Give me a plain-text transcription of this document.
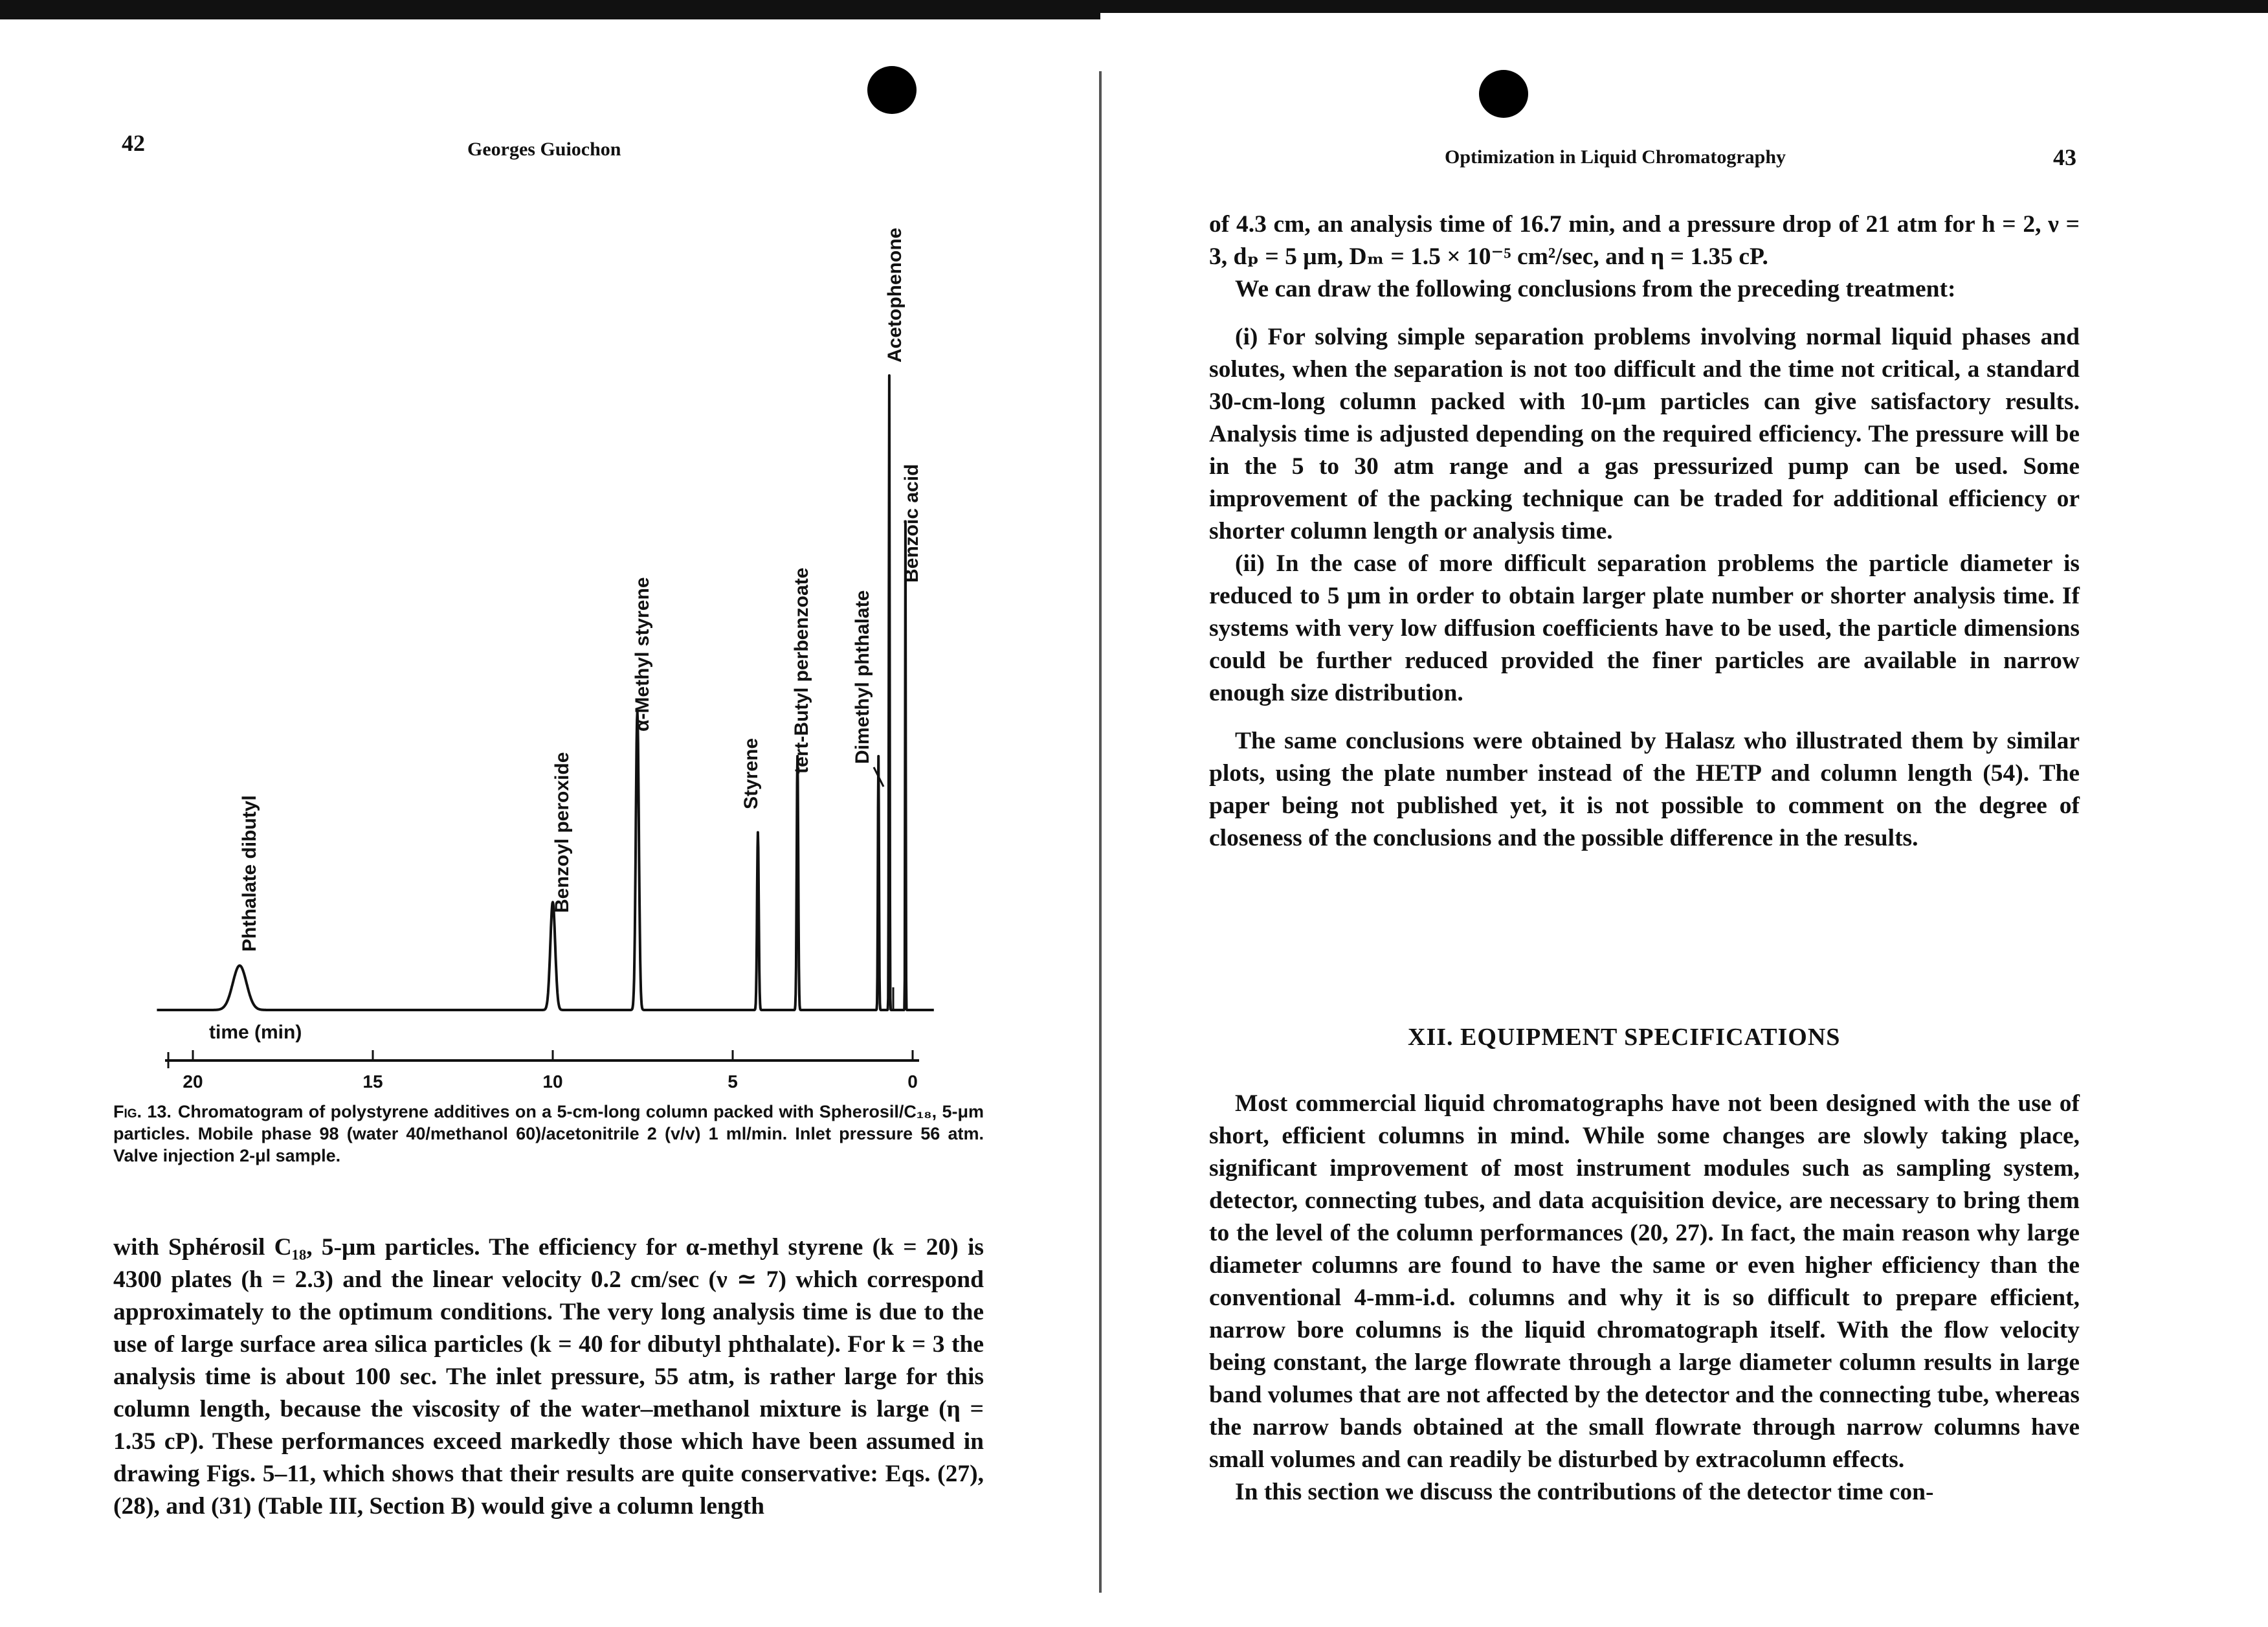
42	Georges Guiochon
20	15	10	5	0
time (min)
Phthalate dibutyl	Benzoyl peroxide
α-Methyl styrene
Styrene tert-Butyl perbenzoate Dimethyl phthalate
Acetophenone
Benzoic acid
Fig. 13. Chromatogram of polystyrene additives on a 5-cm-long column packed with Spherosil/C₁₈, 5-μm particles. Mobile phase 98 (water 40/methanol 60)/acetonitrile 2 (v/v) 1 ml/min. Inlet pressure 56 atm. Valve injection 2-μl sample.

with Sphérosil C₁₈, 5-μm particles. The efficiency for α-methyl styrene (k = 20) is 4300 plates (h = 2.3) and the linear velocity 0.2 cm/sec (ν ≃ 7) which correspond approximately to the optimum conditions. The very long analysis time is due to the use of large surface area silica particles (k = 40 for dibutyl phthalate). For k = 3 the analysis time is about 100 sec. The inlet pressure, 55 atm, is rather large for this column length, because the viscosity of the water–methanol mixture is large (η = 1.35 cP). These performances exceed markedly those which have been assumed in drawing Figs. 5–11, which shows that their results are quite conservative: Eqs. (27), (28), and (31) (Table III, Section B) would give a column length

Optimization in Liquid Chromatography	43

of 4.3 cm, an analysis time of 16.7 min, and a pressure drop of 21 atm for h = 2, ν = 3, dₚ = 5 μm, Dₘ = 1.5 × 10⁻⁵ cm²/sec, and η = 1.35 cP.

We can draw the following conclusions from the preceding treatment:

(i) For solving simple separation problems involving normal liquid phases and solutes, when the separation is not too difficult and the time not critical, a standard 30-cm-long column packed with 10-μm particles can give satisfactory results. Analysis time is adjusted depending on the required efficiency. The pressure will be in the 5 to 30 atm range and a gas pressurized pump can be used. Some improvement of the packing technique can be traded for additional efficiency or shorter column length or analysis time.

(ii) In the case of more difficult separation problems the particle diameter is reduced to 5 μm in order to obtain larger plate number or shorter analysis time. If systems with very low diffusion coefficients have to be used, the particle dimensions could be further reduced provided the finer particles are available in narrow enough size distribution.

The same conclusions were obtained by Halasz who illustrated them by similar plots, using the plate number instead of the HETP and column length (54). The paper being not published yet, it is not possible to comment on the degree of closeness of the conclusions and the possible difference in the results.

XII. EQUIPMENT SPECIFICATIONS

Most commercial liquid chromatographs have not been designed with the use of short, efficient columns in mind. While some changes are slowly taking place, significant improvement of most instrument modules such as sampling system, detector, connecting tubes, and data acquisition device, are necessary to bring them to the level of the column performances (20, 27). In fact, the main reason why large diameter columns are found to have the same or even higher efficiency than the conventional 4-mm-i.d. columns and why it is so difficult to prepare efficient, narrow bore columns is the liquid chromatograph itself. With the flow velocity being constant, the large flowrate through a large diameter column results in large band volumes that are not affected by the detector and the connecting tube, whereas the narrow bands obtained at the small flowrate through narrow columns have small volumes and can readily be disturbed by extracolumn effects.

In this section we discuss the contributions of the detector time con-
